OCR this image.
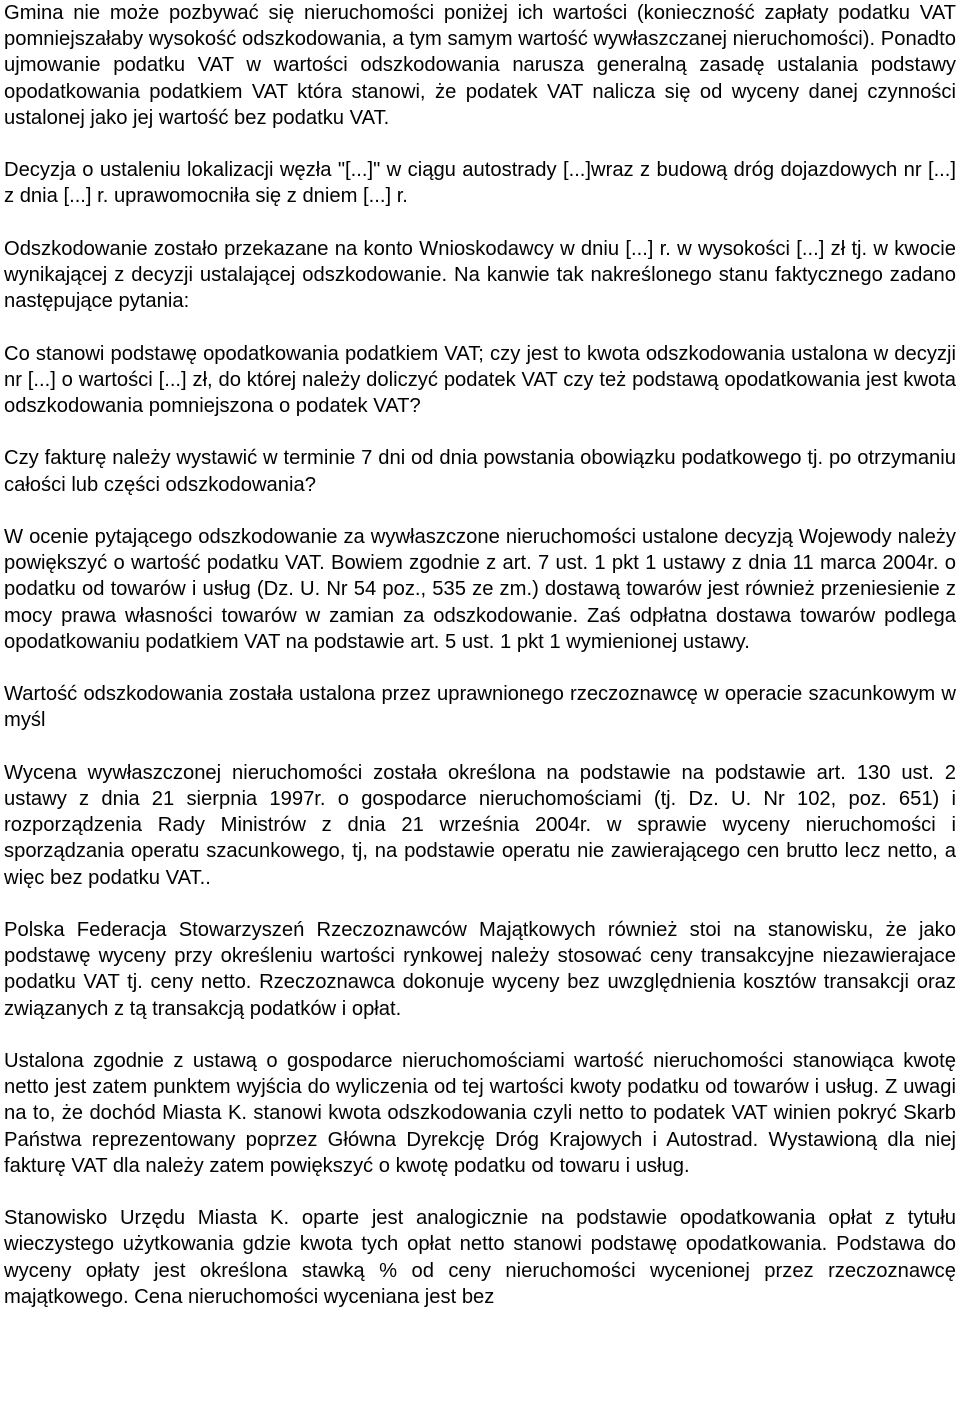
Gmina nie może pozbywać się nieruchomości poniżej ich wartości (konieczność zapłaty podatku VAT pomniejszałaby wysokość odszkodowania, a tym samym wartość wywłaszczanej nieruchomości). Ponadto ujmowanie podatku VAT w wartości odszkodowania narusza generalną zasadę ustalania podstawy opodatkowania podatkiem VAT która stanowi, że podatek VAT nalicza się od wyceny danej czynności ustalonej jako jej wartość bez podatku VAT.

Decyzja o ustaleniu lokalizacji węzła "[...]" w ciągu autostrady [...]wraz z budową dróg dojazdowych nr [...] z dnia [...] r. uprawomocniła się z dniem [...] r.

Odszkodowanie zostało przekazane na konto Wnioskodawcy w dniu [...] r. w wysokości [...] zł tj. w kwocie wynikającej z decyzji ustalającej odszkodowanie. Na kanwie tak nakreślonego stanu faktycznego zadano następujące pytania:

Co stanowi podstawę opodatkowania podatkiem VAT; czy jest to kwota odszkodowania ustalona w decyzji nr [...] o wartości [...] zł, do której należy doliczyć podatek VAT czy też podstawą opodatkowania jest kwota odszkodowania pomniejszona o podatek VAT?

Czy fakturę należy wystawić w terminie 7 dni od dnia powstania obowiązku podatkowego tj. po otrzymaniu całości lub części odszkodowania?

W ocenie pytającego odszkodowanie za wywłaszczone nieruchomości ustalone decyzją Wojewody należy powiększyć o wartość podatku VAT. Bowiem zgodnie z art. 7 ust. 1 pkt 1 ustawy z dnia 11 marca 2004r. o podatku od towarów i usług (Dz. U. Nr 54 poz., 535 ze zm.) dostawą towarów jest również przeniesienie z mocy prawa własności towarów w zamian za odszkodowanie. Zaś odpłatna dostawa towarów podlega opodatkowaniu podatkiem VAT na podstawie art. 5 ust. 1 pkt 1 wymienionej ustawy.

Wartość odszkodowania została ustalona przez uprawnionego rzeczoznawcę w operacie szacunkowym w myśl

Wycena wywłaszczonej nieruchomości została określona na podstawie na podstawie art. 130 ust. 2 ustawy z dnia 21 sierpnia 1997r. o gospodarce nieruchomościami (tj. Dz. U. Nr 102, poz. 651) i rozporządzenia Rady Ministrów z dnia 21 września 2004r. w sprawie wyceny nieruchomości i sporządzania operatu szacunkowego, tj, na podstawie operatu nie zawierającego cen brutto lecz netto, a więc bez podatku VAT..

Polska Federacja Stowarzyszeń Rzeczoznawców Majątkowych również stoi na stanowisku, że jako podstawę wyceny przy określeniu wartości rynkowej należy stosować ceny transakcyjne niezawierajace podatku VAT tj. ceny netto. Rzeczoznawca dokonuje wyceny bez uwzględnienia kosztów transakcji oraz związanych z tą transakcją podatków i opłat.

Ustalona zgodnie z ustawą o gospodarce nieruchomościami wartość nieruchomości stanowiąca kwotę netto jest zatem punktem wyjścia do wyliczenia od tej wartości kwoty podatku od towarów i usług. Z uwagi na to, że dochód Miasta K. stanowi kwota odszkodowania czyli netto to podatek VAT winien pokryć Skarb Państwa reprezentowany poprzez Główna Dyrekcję Dróg Krajowych i Autostrad. Wystawioną dla niej fakturę VAT dla należy zatem powiększyć o kwotę podatku od towaru i usług.

Stanowisko Urzędu Miasta K. oparte jest analogicznie na podstawie opodatkowania opłat z tytułu wieczystego użytkowania gdzie kwota tych opłat netto stanowi podstawę opodatkowania. Podstawa do wyceny opłaty jest określona stawką % od ceny nieruchomości wycenionej przez rzeczoznawcę majątkowego. Cena nieruchomości wyceniana jest bez
